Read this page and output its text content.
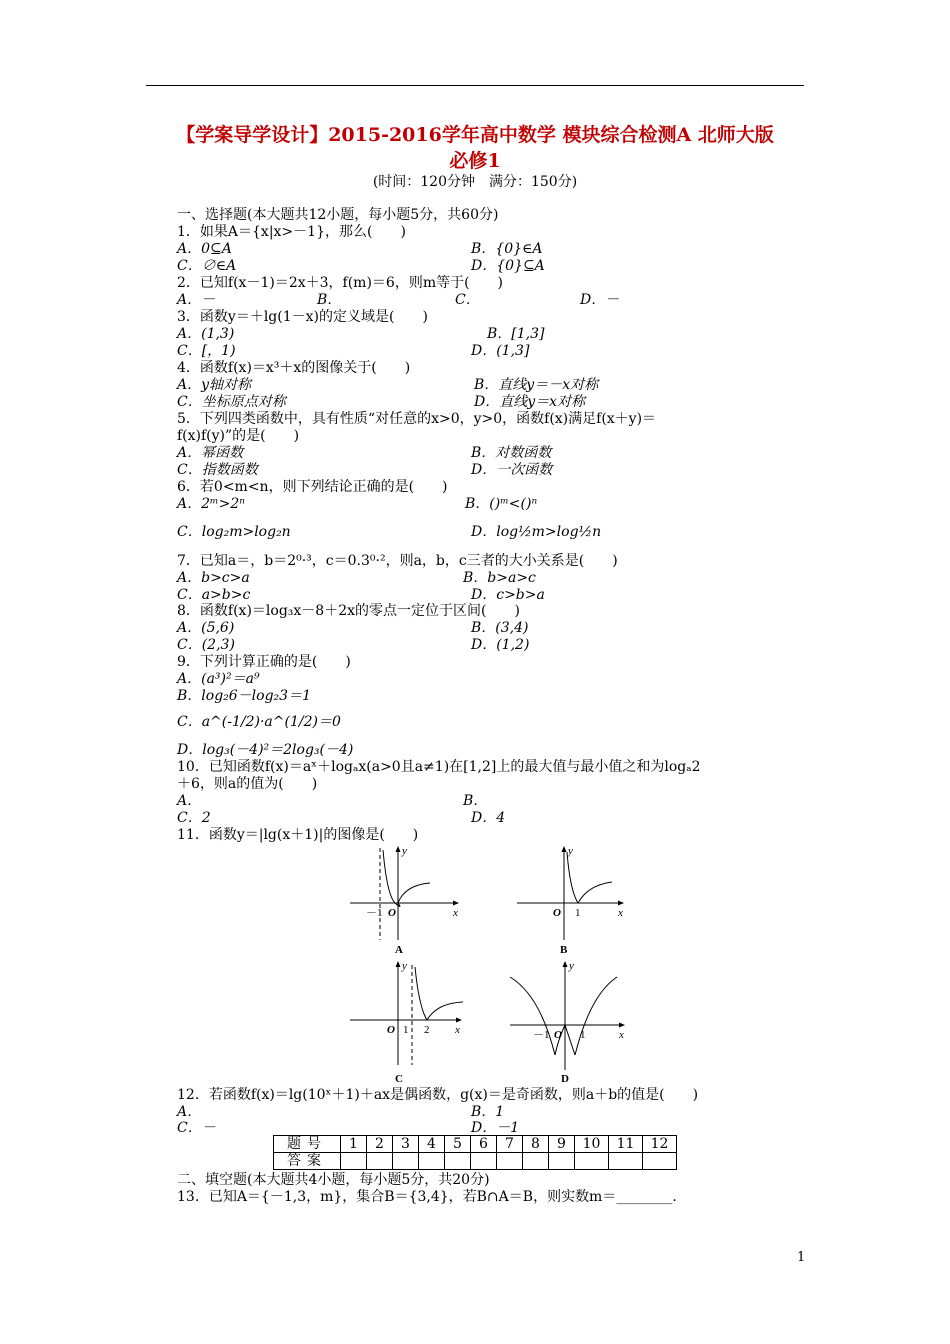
【学案导学设计】2015-2016学年高中数学 模块综合检测A 北师大版
必修1
(时间：120分钟　满分：150分)
一、选择题(本大题共12小题，每小题5分，共60分)
1．如果A＝{x|x>－1}，那么(　　)
A．0⊆A	B．{0}∈A
C．∅∈A	D．{0}⊆A
2．已知f(x－1)＝2x＋3，f(m)＝6，则m等于(　　)
A．－	B．	C．	D．－
3．函数y＝＋lg(1－x)的定义域是(　　)
A．(1,3)	B．[1,3]
C．[，1)	D．(1,3]
4．函数f(x)＝x³＋x的图像关于(　　)
A．y轴对称	B．直线y＝－x对称
C．坐标原点对称	D．直线y＝x对称
5．下列四类函数中，具有性质“对任意的x>0，y>0，函数f(x)满足f(x＋y)＝
f(x)f(y)”的是(　　)
A．幂函数	B．对数函数
C．指数函数	D．一次函数
6．若0<m<n，则下列结论正确的是(　　)
A．2ᵐ>2ⁿ	B．()ᵐ<()ⁿ
C．log₂m>log₂n	D．log½m>log½n
7．已知a＝，b＝2⁰·³，c＝0.3⁰·²，则a，b，c三者的大小关系是(　　)
A．b>c>a	B．b>a>c
C．a>b>c	D．c>b>a
8．函数f(x)＝log₃x－8＋2x的零点一定位于区间(　　)
A．(5,6)	B．(3,4)
C．(2,3)	D．(1,2)
9．下列计算正确的是(　　)
A．(a³)²＝a⁹
B．log₂6－log₂3＝1
C．a^(-1/2)·a^(1/2)＝0
D．log₃(－4)²＝2log₃(－4)
10．已知函数f(x)＝aˣ＋logₐx(a>0且a≠1)在[1,2]上的最大值与最小值之和为logₐ2
＋6，则a的值为(　　)
A．	B．
C．2	D．4
11．函数y＝|lg(x＋1)|的图像是(　　)
x
y
－1 O
A
x
y
O 1
B
x
y
O 1 2
C
x
y
－1 O 1
D
12．若函数f(x)＝lg(10ˣ＋1)＋ax是偶函数，g(x)＝是奇函数，则a＋b的值是(　　)
A．	B．1
C．－	D．－1
题号	1	2	3	4	5	6	7	8	9	10	11	12
答案												
二、填空题(本大题共4小题，每小题5分，共20分)
13．已知A＝{－1,3，m}，集合B＝{3,4}，若B∩A＝B，则实数m＝________.
1
